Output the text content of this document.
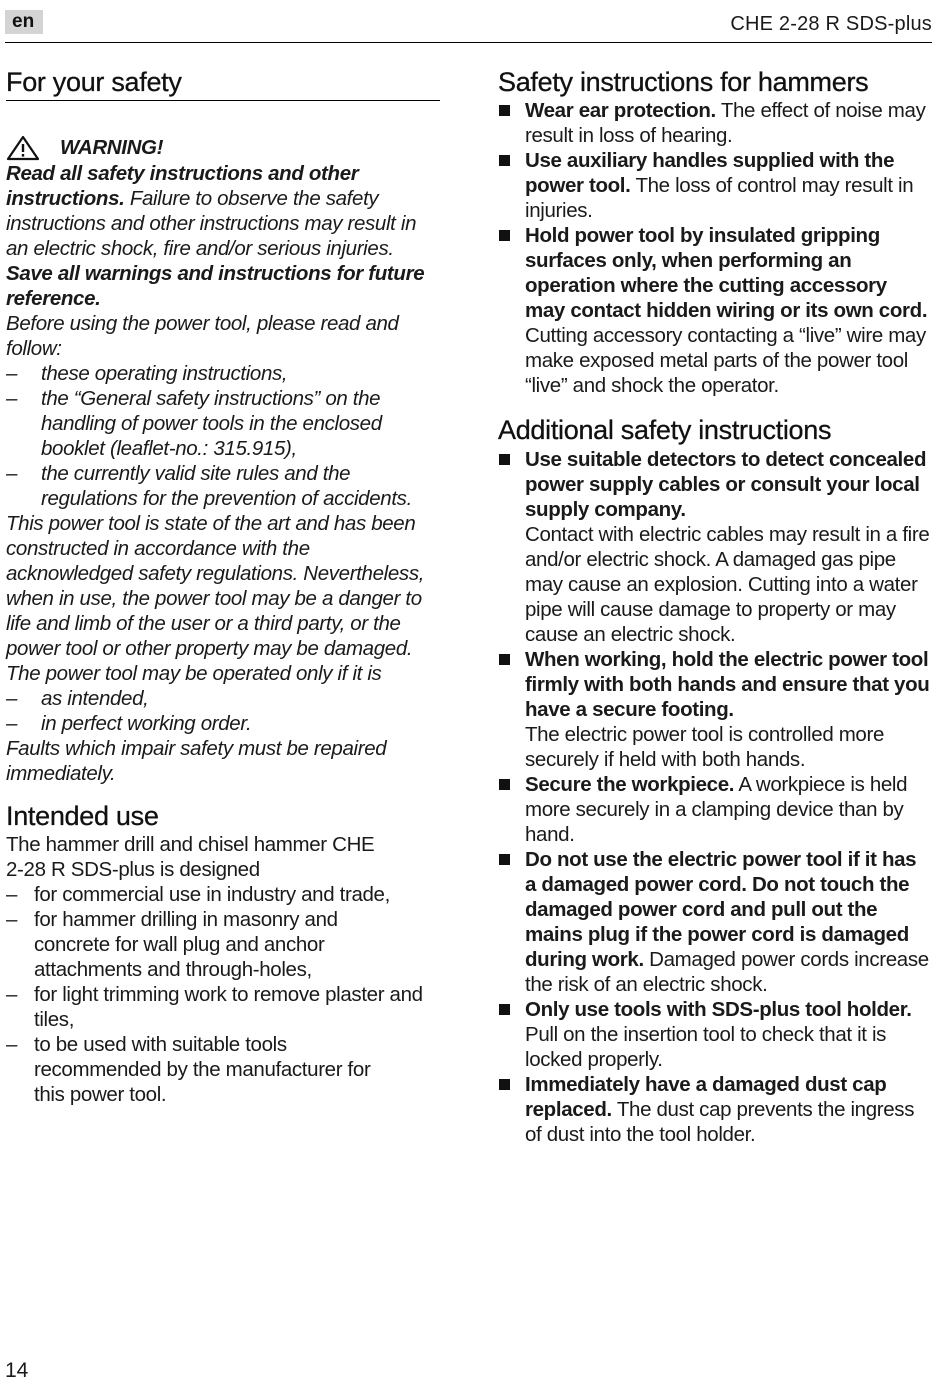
en	CHE 2-28 R SDS-plus
For your safety
WARNING!

Read all safety instructions and other instructions. Failure to observe the safety instructions and other instructions may result in an electric shock, fire and/or serious injuries. Save all warnings and instructions for future reference.

Before using the power tool, please read and follow:

– these operating instructions,
– the “General safety instructions” on the handling of power tools in the enclosed booklet (leaflet-no.: 315.915),
– the currently valid site rules and the regulations for the prevention of accidents.

This power tool is state of the art and has been constructed in accordance with the acknowledged safety regulations. Nevertheless, when in use, the power tool may be a danger to life and limb of the user or a third party, or the power tool or other property may be damaged. The power tool may be operated only if it is

– as intended,
– in perfect working order.

Faults which impair safety must be repaired immediately.

Intended use

The hammer drill and chisel hammer CHE 2-28 R SDS-plus is designed

– for commercial use in industry and trade,
– for hammer drilling in masonry and concrete for wall plug and anchor attachments and through-holes,
– for light trimming work to remove plaster and tiles,
– to be used with suitable tools recommended by the manufacturer for this power tool.
Safety instructions for hammers
Wear ear protection. The effect of noise may result in loss of hearing.
Use auxiliary handles supplied with the power tool. The loss of control may result in injuries.
Hold power tool by insulated gripping surfaces only, when performing an operation where the cutting accessory may contact hidden wiring or its own cord. Cutting accessory contacting a “live” wire may make exposed metal parts of the power tool “live” and shock the operator.
Additional safety instructions
Use suitable detectors to detect concealed power supply cables or consult your local supply company.
Contact with electric cables may result in a fire and/or electric shock. A damaged gas pipe may cause an explosion. Cutting into a water pipe will cause damage to property or may cause an electric shock.
When working, hold the electric power tool firmly with both hands and ensure that you have a secure footing.
The electric power tool is controlled more securely if held with both hands.
Secure the workpiece. A workpiece is held more securely in a clamping device than by hand.
Do not use the electric power tool if it has a damaged power cord. Do not touch the damaged power cord and pull out the mains plug if the power cord is damaged during work. Damaged power cords increase the risk of an electric shock.
Only use tools with SDS-plus tool holder.
Pull on the insertion tool to check that it is locked properly.
Immediately have a damaged dust cap replaced. The dust cap prevents the ingress of dust into the tool holder.
14
